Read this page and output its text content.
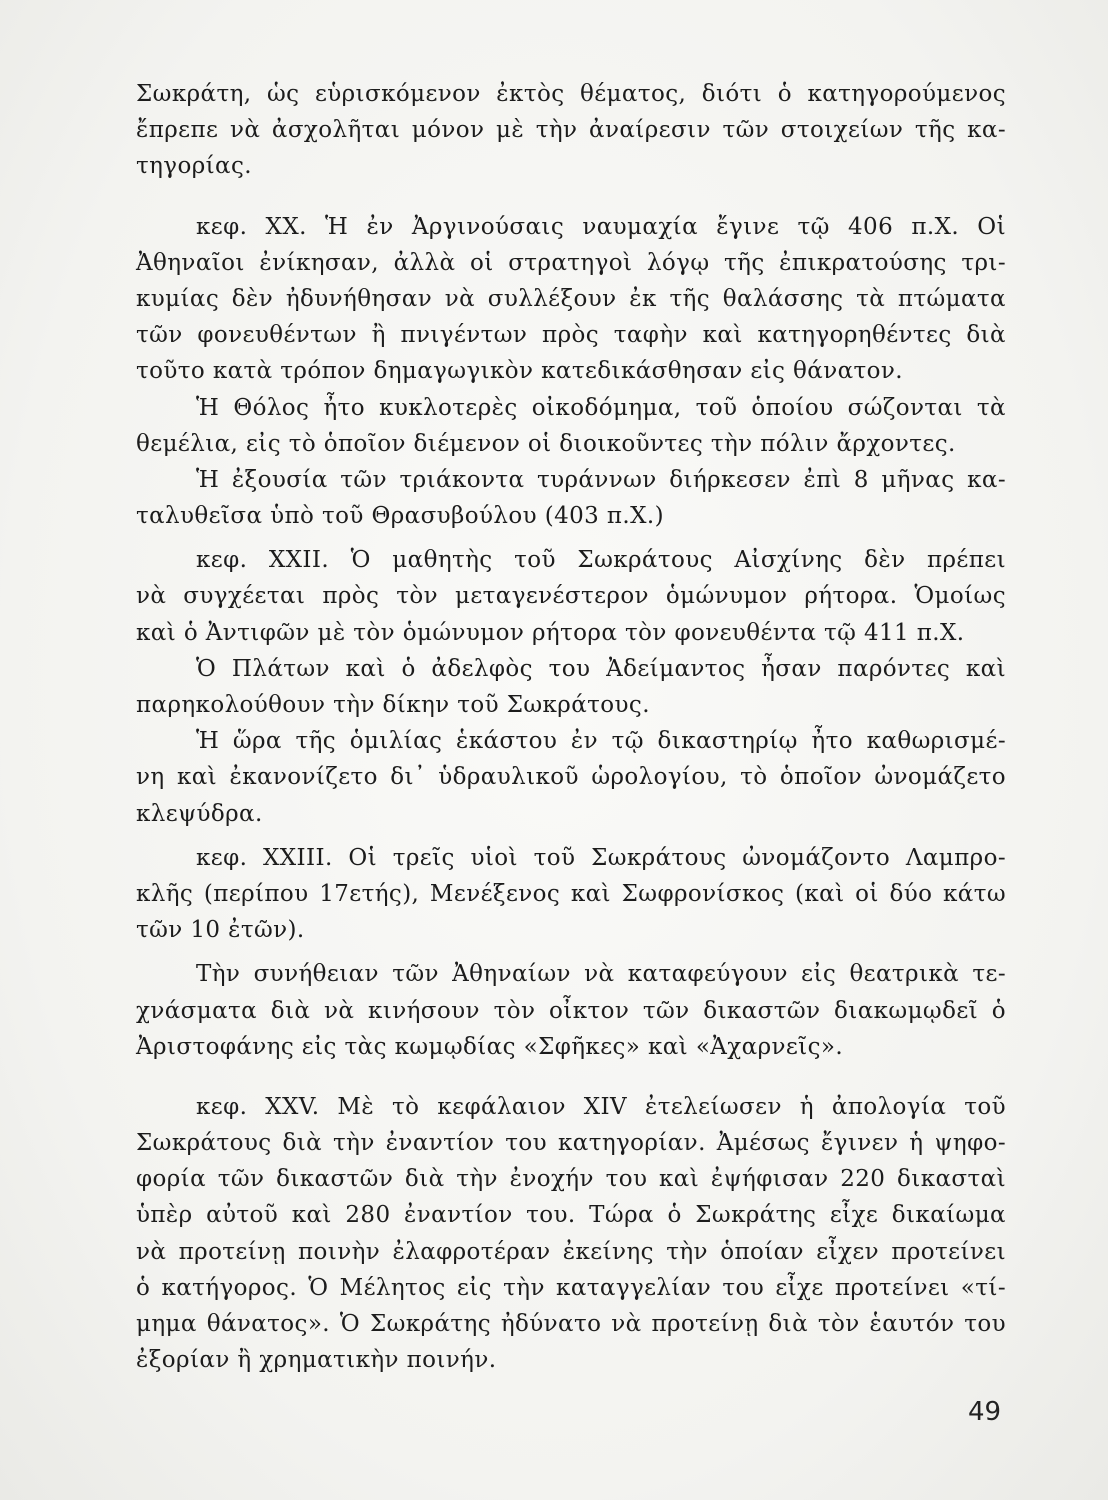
Σωκράτη, ὡς εὑρισκόμενον ἐκτὸς θέματος, διότι ὁ κατηγορούμενος
ἔπρεπε νὰ ἀσχολῆται μόνον μὲ τὴν ἀναίρεσιν τῶν στοιχείων τῆς κα-
τηγορίας.
κεφ. XX. Ἡ ἐν Ἀργινούσαις ναυμαχία ἔγινε τῷ 406 π.Χ. Οἱ
Ἀθηναῖοι ἐνίκησαν, ἀλλὰ οἱ στρατηγοὶ λόγῳ τῆς ἐπικρατούσης τρι-
κυμίας δὲν ἠδυνήθησαν νὰ συλλέξουν ἐκ τῆς θαλάσσης τὰ πτώματα
τῶν φονευθέντων ἢ πνιγέντων πρὸς ταφὴν καὶ κατηγορηθέντες διὰ
τοῦτο κατὰ τρόπον δημαγωγικὸν κατεδικάσθησαν εἰς θάνατον.
Ἡ Θόλος ἦτο κυκλοτερὲς οἰκοδόμημα, τοῦ ὁποίου σώζονται τὰ
θεμέλια, εἰς τὸ ὁποῖον διέμενον οἱ διοικοῦντες τὴν πόλιν ἄρχοντες.
Ἡ ἐξουσία τῶν τριάκοντα τυράννων διήρκεσεν ἐπὶ 8 μῆνας κα-
ταλυθεῖσα ὑπὸ τοῦ Θρασυβούλου (403 π.Χ.)
κεφ. XXII. Ὁ μαθητὴς τοῦ Σωκράτους Αἰσχίνης δὲν πρέπει
νὰ συγχέεται πρὸς τὸν μεταγενέστερον ὁμώνυμον ρήτορα. Ὁμοίως
καὶ ὁ Ἀντιφῶν μὲ τὸν ὁμώνυμον ρήτορα τὸν φονευθέντα τῷ 411 π.Χ.
Ὁ Πλάτων καὶ ὁ ἀδελφὸς του Ἀδείμαντος ἦσαν παρόντες καὶ
παρηκολούθουν τὴν δίκην τοῦ Σωκράτους.
Ἡ ὥρα τῆς ὁμιλίας ἑκάστου ἐν τῷ δικαστηρίῳ ἦτο καθωρισμέ-
νη καὶ ἐκανονίζετο δι᾽ ὑδραυλικοῦ ὡρολογίου, τὸ ὁποῖον ὠνομάζετο
κλεψύδρα.
κεφ. XXIII. Οἱ τρεῖς υἱοὶ τοῦ Σωκράτους ὠνομάζοντο Λαμπρο-
κλῆς (περίπου 17ετής), Μενέξενος καὶ Σωφρονίσκος (καὶ οἱ δύο κάτω
τῶν 10 ἐτῶν).
Τὴν συνήθειαν τῶν Ἀθηναίων νὰ καταφεύγουν εἰς θεατρικὰ τε-
χνάσματα διὰ νὰ κινήσουν τὸν οἶκτον τῶν δικαστῶν διακωμῳδεῖ ὁ
Ἀριστοφάνης εἰς τὰς κωμῳδίας «Σφῆκες» καὶ «Ἀχαρνεῖς».
κεφ. XXV. Μὲ τὸ κεφάλαιον XIV ἐτελείωσεν ἡ ἀπολογία τοῦ
Σωκράτους διὰ τὴν ἐναντίον του κατηγορίαν. Ἀμέσως ἔγινεν ἡ ψηφο-
φορία τῶν δικαστῶν διὰ τὴν ἐνοχήν του καὶ ἐψήφισαν 220 δικασταὶ
ὑπὲρ αὐτοῦ καὶ 280 ἐναντίον του. Τώρα ὁ Σωκράτης εἶχε δικαίωμα
νὰ προτείνῃ ποινὴν ἐλαφροτέραν ἐκείνης τὴν ὁποίαν εἶχεν προτείνει
ὁ κατήγορος. Ὁ Μέλητος εἰς τὴν καταγγελίαν του εἶχε προτείνει «τί-
μημα θάνατος». Ὁ Σωκράτης ἠδύνατο νὰ προτείνῃ διὰ τὸν ἑαυτόν του
ἐξορίαν ἢ χρηματικὴν ποινήν.
49
